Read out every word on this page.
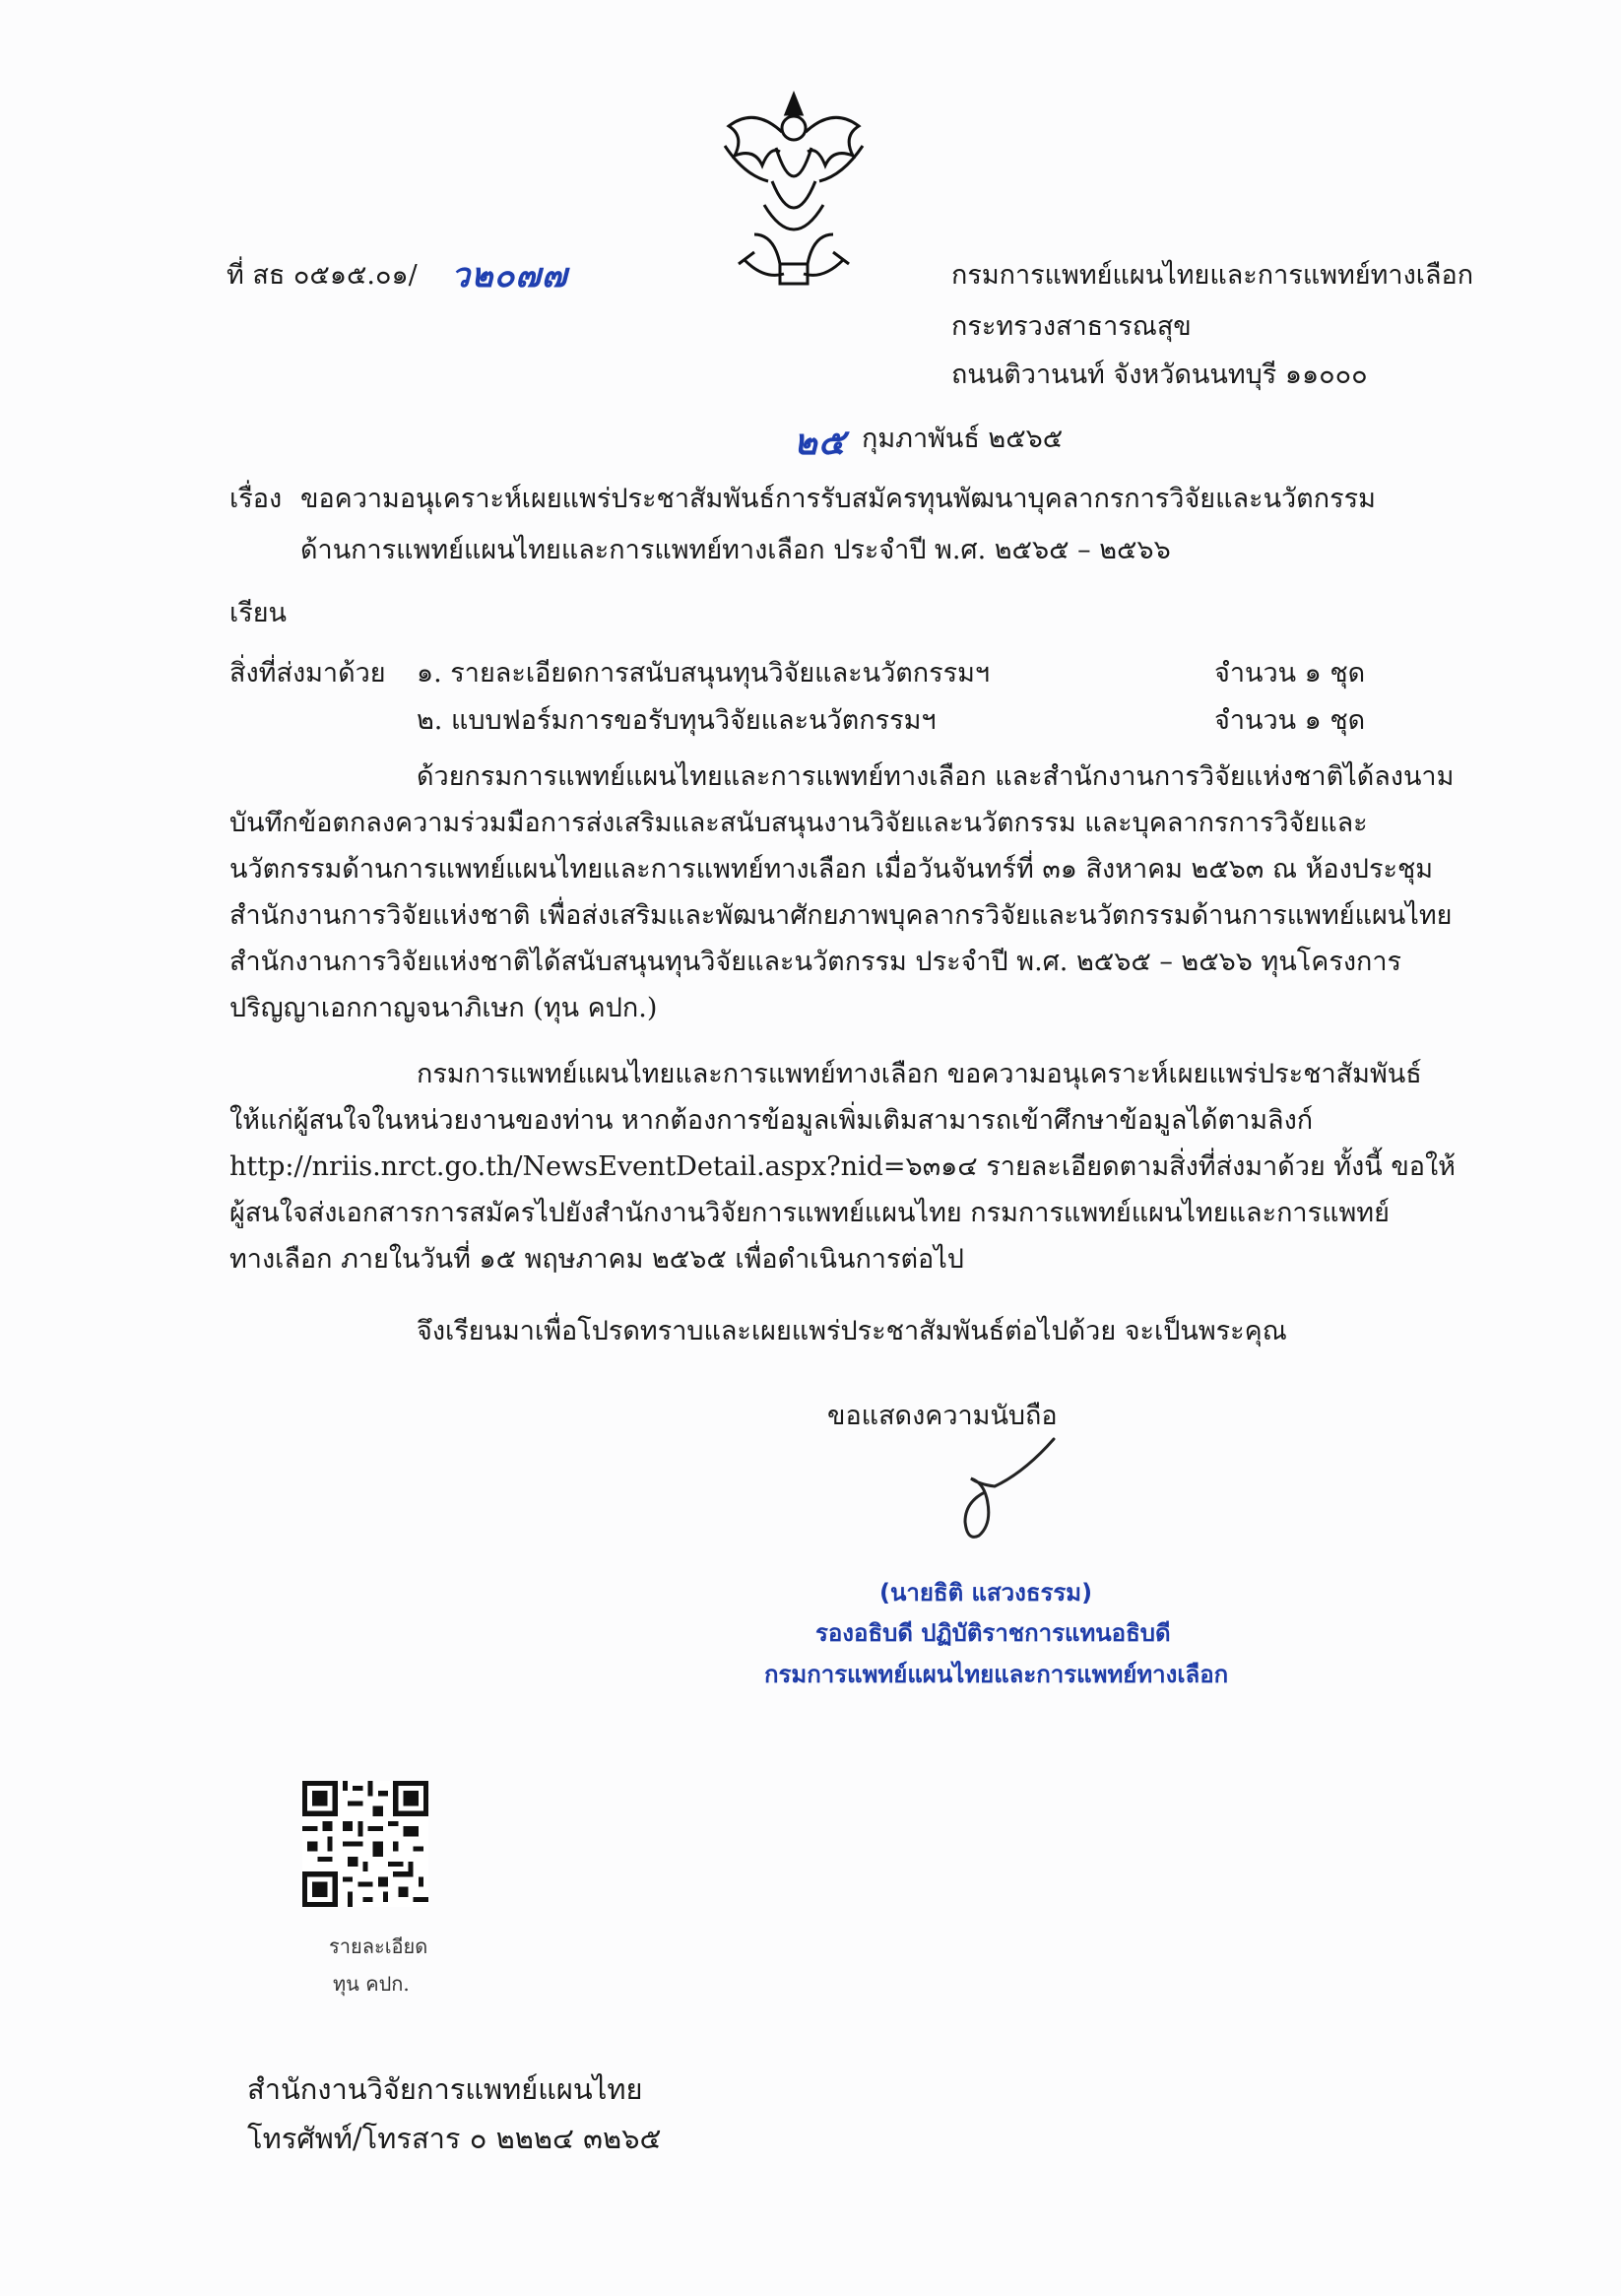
ที่ สธ ๐๕๑๕.๐๑/ ว๒๐๗๗	กรมการแพทย์แผนไทยและการแพทย์ทางเลือก
กระทรวงสาธารณสุข
ถนนติวานนท์ จังหวัดนนทบุรี ๑๑๐๐๐
๒๕ กุมภาพันธ์ ๒๕๖๕
เรื่อง ขอความอนุเคราะห์เผยแพร่ประชาสัมพันธ์การรับสมัครทุนพัฒนาบุคลากรการวิจัยและนวัตกรรม
ด้านการแพทย์แผนไทยและการแพทย์ทางเลือก ประจำปี พ.ศ. ๒๕๖๕ – ๒๕๖๖
เรียน
สิ่งที่ส่งมาด้วย ๑. รายละเอียดการสนับสนุนทุนวิจัยและนวัตกรรมฯ	จำนวน ๑ ชุด
๒. แบบฟอร์มการขอรับทุนวิจัยและนวัตกรรมฯ	จำนวน ๑ ชุด
ด้วยกรมการแพทย์แผนไทยและการแพทย์ทางเลือก และสำนักงานการวิจัยแห่งชาติได้ลงนาม
บันทึกข้อตกลงความร่วมมือการส่งเสริมและสนับสนุนงานวิจัยและนวัตกรรม และบุคลากรการวิจัยและ
นวัตกรรมด้านการแพทย์แผนไทยและการแพทย์ทางเลือก เมื่อวันจันทร์ที่ ๓๑ สิงหาคม ๒๕๖๓ ณ ห้องประชุม
สำนักงานการวิจัยแห่งชาติ เพื่อส่งเสริมและพัฒนาศักยภาพบุคลากรวิจัยและนวัตกรรมด้านการแพทย์แผนไทย
สำนักงานการวิจัยแห่งชาติได้สนับสนุนทุนวิจัยและนวัตกรรม ประจำปี พ.ศ. ๒๕๖๕ – ๒๕๖๖ ทุนโครงการ
ปริญญาเอกกาญจนาภิเษก (ทุน คปก.)
กรมการแพทย์แผนไทยและการแพทย์ทางเลือก ขอความอนุเคราะห์เผยแพร่ประชาสัมพันธ์
ให้แก่ผู้สนใจในหน่วยงานของท่าน หากต้องการข้อมูลเพิ่มเติมสามารถเข้าศึกษาข้อมูลได้ตามลิงก์
http://nriis.nrct.go.th/NewsEventDetail.aspx?nid=๖๓๑๔ รายละเอียดตามสิ่งที่ส่งมาด้วย ทั้งนี้ ขอให้
ผู้สนใจส่งเอกสารการสมัครไปยังสำนักงานวิจัยการแพทย์แผนไทย กรมการแพทย์แผนไทยและการแพทย์
ทางเลือก ภายในวันที่ ๑๕ พฤษภาคม ๒๕๖๕ เพื่อดำเนินการต่อไป
จึงเรียนมาเพื่อโปรดทราบและเผยแพร่ประชาสัมพันธ์ต่อไปด้วย จะเป็นพระคุณ
ขอแสดงความนับถือ
(นายธิติ แสวงธรรม)
รองอธิบดี ปฏิบัติราชการแทนอธิบดี
กรมการแพทย์แผนไทยและการแพทย์ทางเลือก
รายละเอียด
ทุน คปก.
สำนักงานวิจัยการแพทย์แผนไทย
โทรศัพท์/โทรสาร ๐ ๒๒๒๔ ๓๒๖๕
